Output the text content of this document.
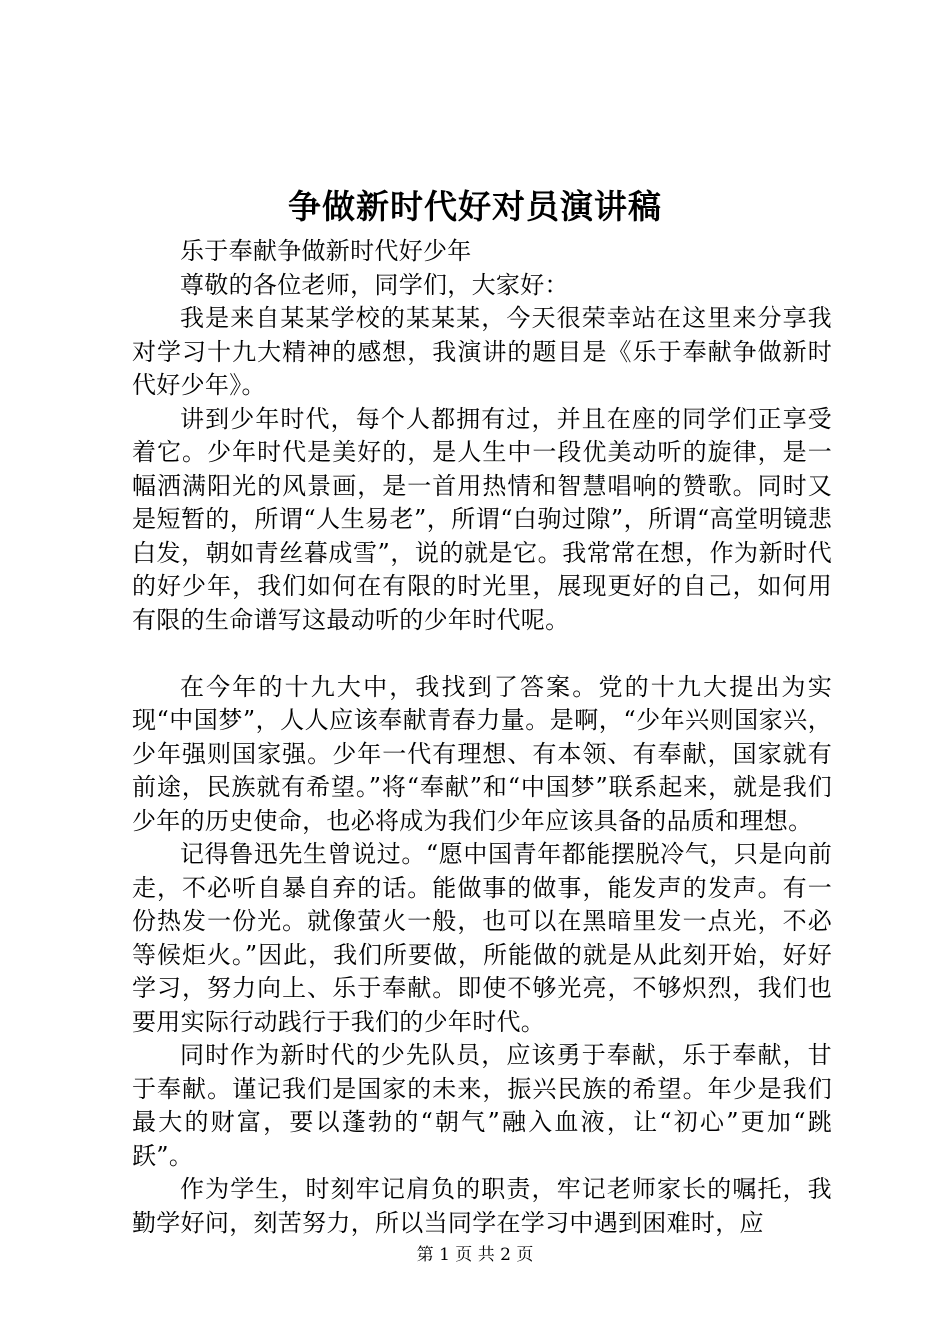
争做新时代好对员演讲稿

乐于奉献争做新时代好少年

尊敬的各位老师，同学们，大家好：

我是来自某某学校的某某某，今天很荣幸站在这里来分享我对学习十九大精神的感想，我演讲的题目是《乐于奉献争做新时代好少年》。

讲到少年时代，每个人都拥有过，并且在座的同学们正享受着它。少年时代是美好的，是人生中一段优美动听的旋律，是一幅洒满阳光的风景画，是一首用热情和智慧唱响的赞歌。同时又是短暂的，所谓“人生易老”，所谓“白驹过隙”，所谓“高堂明镜悲白发，朝如青丝暮成雪”，说的就是它。我常常在想，作为新时代的好少年，我们如何在有限的时光里，展现更好的自己，如何用有限的生命谱写这最动听的少年时代呢。

在今年的十九大中，我找到了答案。党的十九大提出为实现“中国梦”，人人应该奉献青春力量。是啊，“少年兴则国家兴，少年强则国家强。少年一代有理想、有本领、有奉献，国家就有前途，民族就有希望。”将“奉献”和“中国梦”联系起来，就是我们少年的历史使命，也必将成为我们少年应该具备的品质和理想。

记得鲁迅先生曾说过。“愿中国青年都能摆脱冷气，只是向前走，不必听自暴自弃的话。能做事的做事，能发声的发声。有一份热发一份光。就像萤火一般，也可以在黑暗里发一点光，不必等候炬火。”因此，我们所要做，所能做的就是从此刻开始，好好学习，努力向上、乐于奉献。即使不够光亮，不够炽烈，我们也要用实际行动践行于我们的少年时代。

同时作为新时代的少先队员，应该勇于奉献，乐于奉献，甘于奉献。谨记我们是国家的未来，振兴民族的希望。年少是我们最大的财富，要以蓬勃的“朝气”融入血液，让“初心”更加“跳跃”。

作为学生，时刻牢记肩负的职责，牢记老师家长的嘱托，我勤学好问，刻苦努力，所以当同学在学习中遇到困难时，应

第 1 页 共 2 页
